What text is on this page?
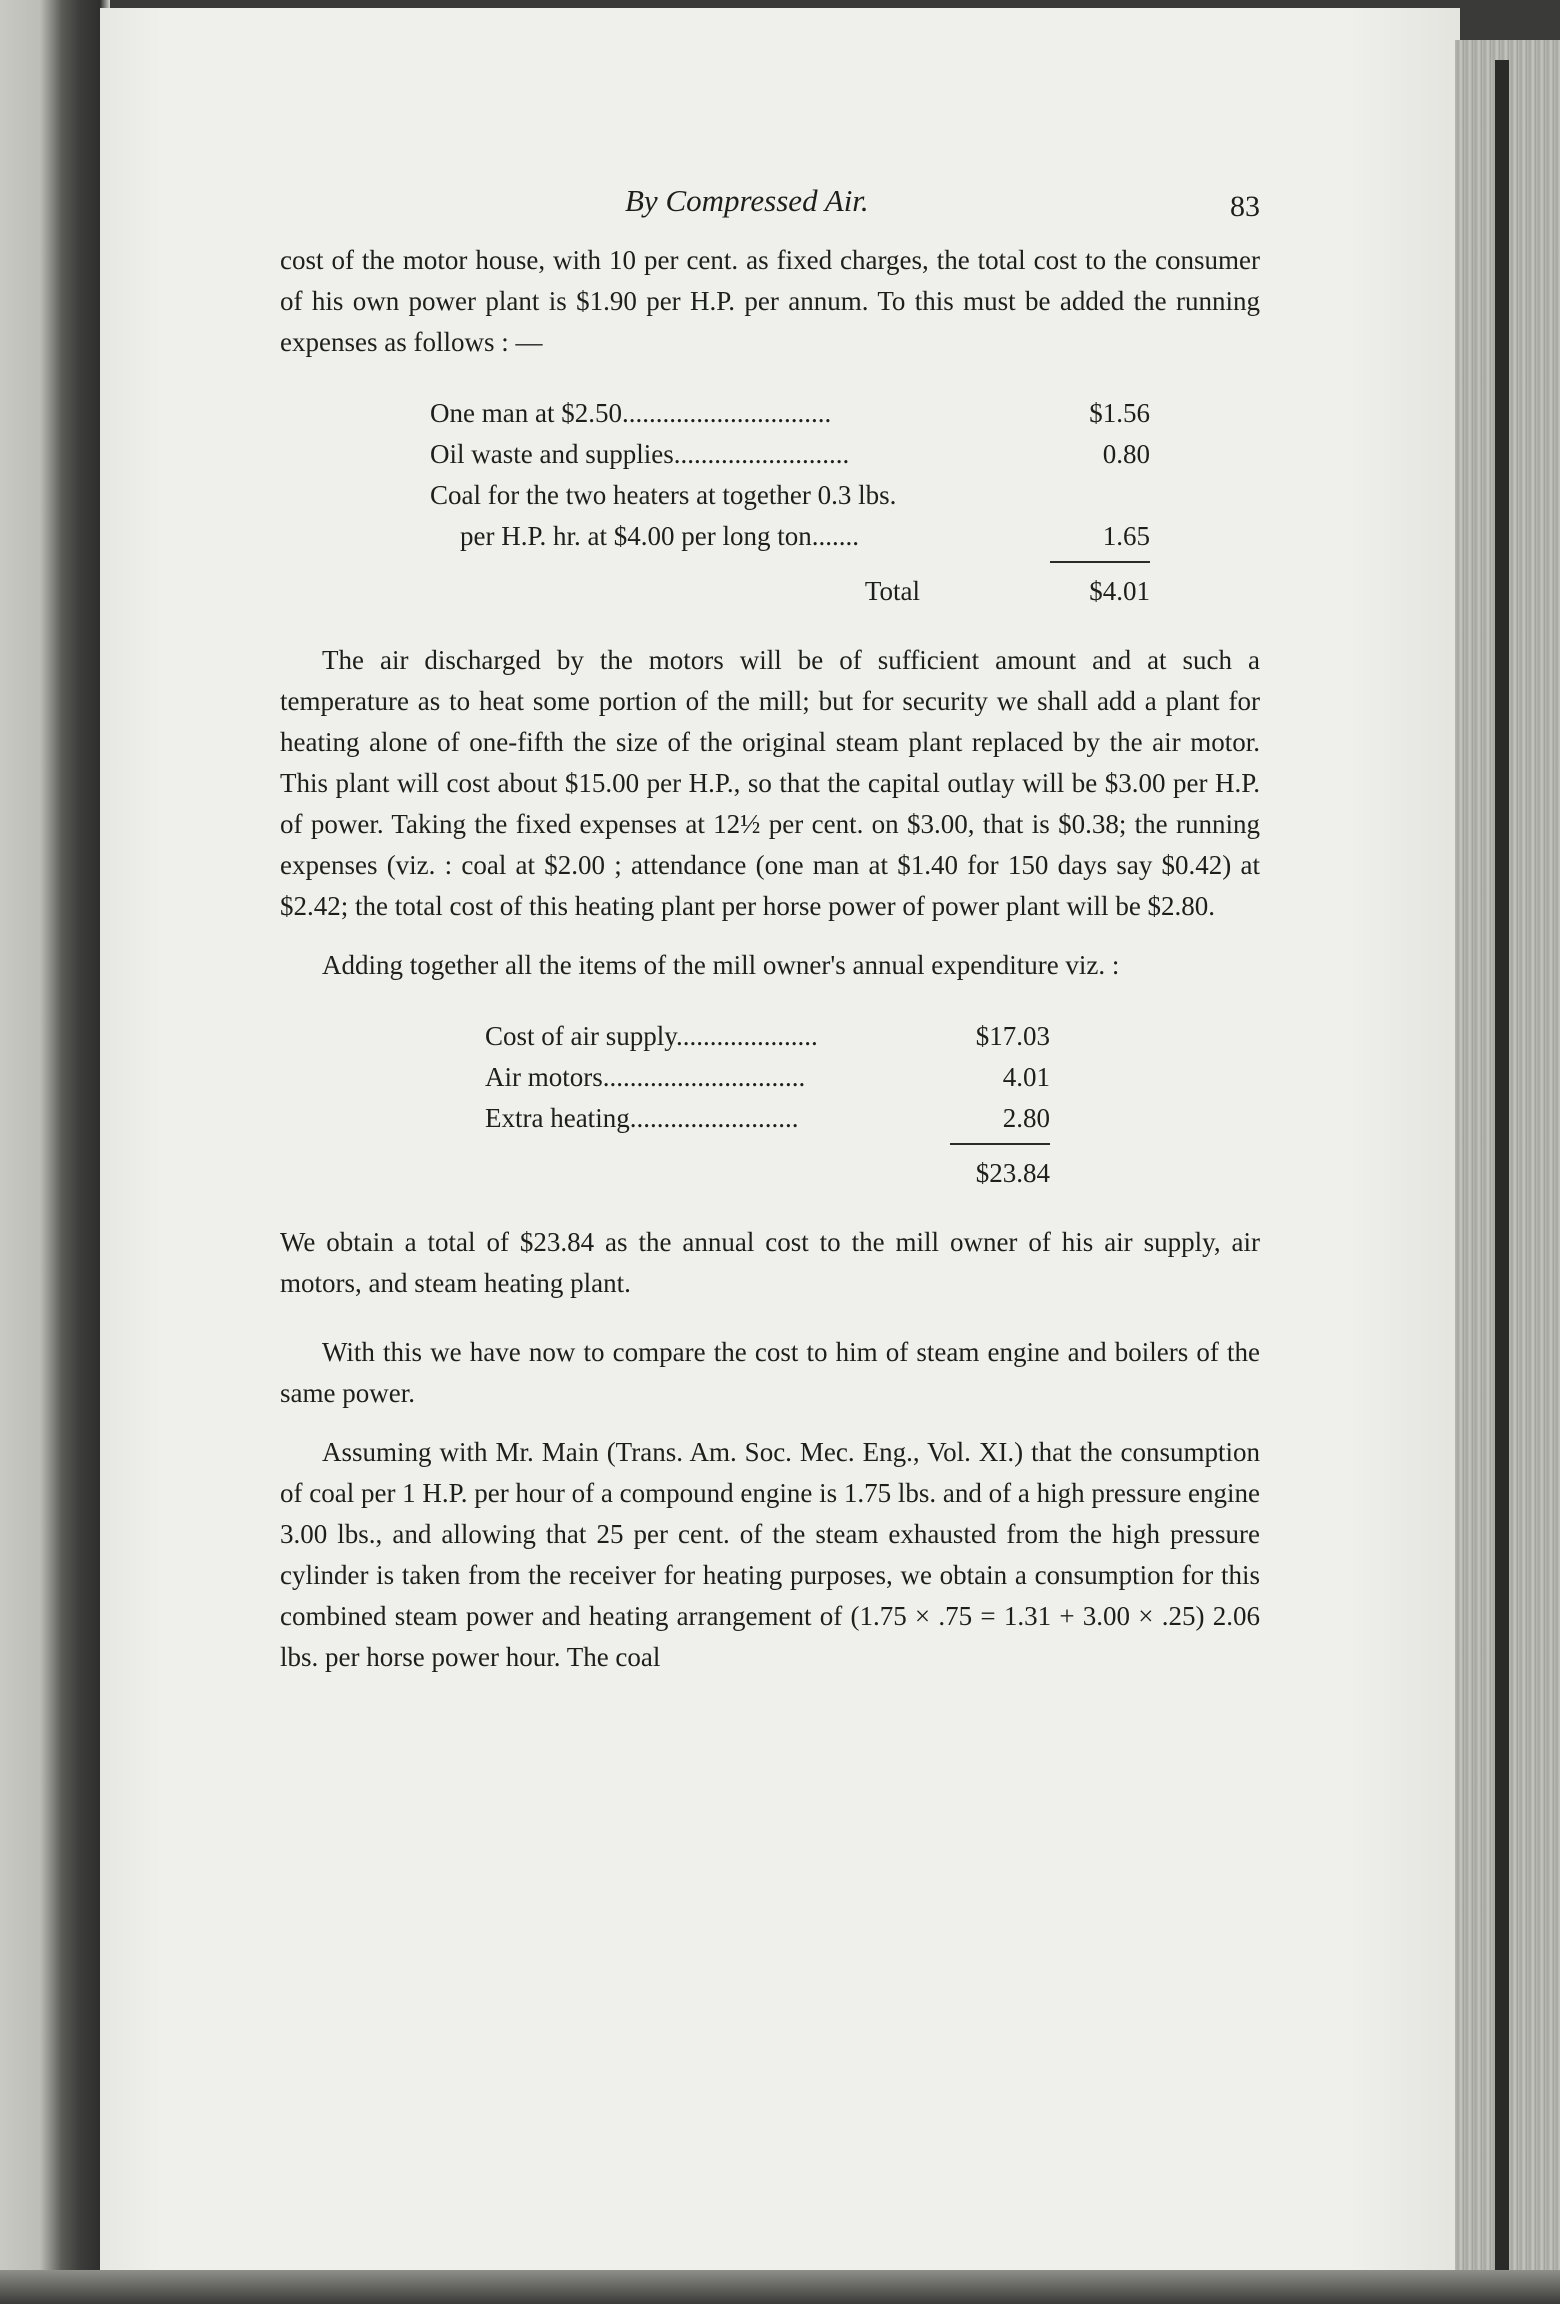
By Compressed Air.	83

cost of the motor house, with 10 per cent. as fixed charges, the total cost to the consumer of his own power plant is $1.90 per H.P. per annum. To this must be added the running expenses as follows : —

One man at $2.50...............................	$1.56
Oil waste and supplies..........................	0.80
Coal for the two heaters at together 0.3 lbs.
per H.P. hr. at $4.00 per long ton.......	1.65
Total	$4.01

The air discharged by the motors will be of sufficient amount and at such a temperature as to heat some portion of the mill; but for security we shall add a plant for heating alone of one-fifth the size of the original steam plant replaced by the air motor. This plant will cost about $15.00 per H.P., so that the capital outlay will be $3.00 per H.P. of power. Taking the fixed expenses at 12½ per cent. on $3.00, that is $0.38; the running expenses (viz. : coal at $2.00 ; attendance (one man at $1.40 for 150 days say $0.42) at $2.42; the total cost of this heating plant per horse power of power plant will be $2.80.

Adding together all the items of the mill owner's annual expenditure viz. :

Cost of air supply.....................	$17.03
Air motors..............................	4.01
Extra heating.........................	2.80
$23.84

We obtain a total of $23.84 as the annual cost to the mill owner of his air supply, air motors, and steam heating plant.

With this we have now to compare the cost to him of steam engine and boilers of the same power.

Assuming with Mr. Main (Trans. Am. Soc. Mec. Eng., Vol. XI.) that the consumption of coal per 1 H.P. per hour of a compound engine is 1.75 lbs. and of a high pressure engine 3.00 lbs., and allowing that 25 per cent. of the steam exhausted from the high pressure cylinder is taken from the receiver for heating purposes, we obtain a consumption for this combined steam power and heating arrangement of (1.75 × .75 = 1.31 + 3.00 × .25) 2.06 lbs. per horse power hour. The coal
